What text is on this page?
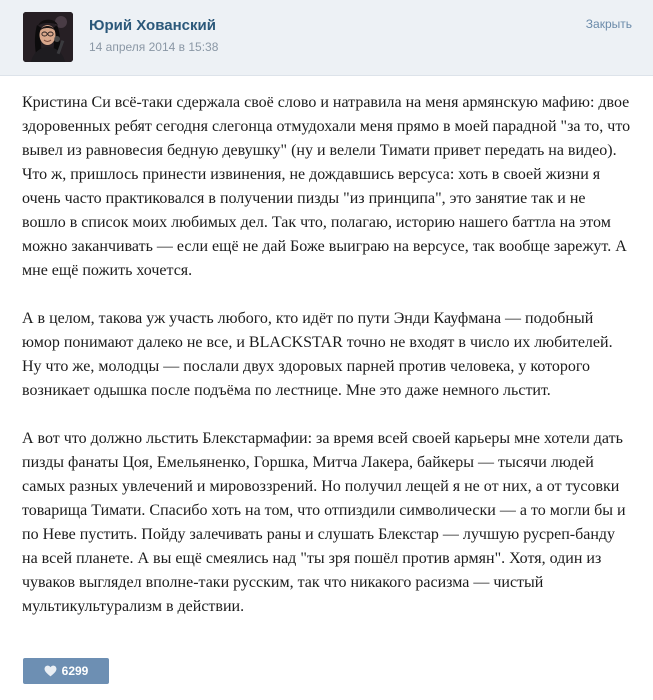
Юрий Хованский
14 апреля 2014 в 15:38
Закрыть

Кристина Си всё-таки сдержала своё слово и натравила на меня армянскую мафию: двое здоровенных ребят сегодня слегонца отмудохали меня прямо в моей парадной "за то, что вывел из равновесия бедную девушку" (ну и велели Тимати привет передать на видео). Что ж, пришлось принести извинения, не дождавшись версуса: хоть в своей жизни я очень часто практиковался в получении пизды "из принципа", это занятие так и не вошло в список моих любимых дел. Так что, полагаю, историю нашего баттла на этом можно заканчивать — если ещё не дай Боже выиграю на версусе, так вообще зарежут. А мне ещё пожить хочется.

А в целом, такова уж участь любого, кто идёт по пути Энди Кауфмана — подобный юмор понимают далеко не все, и BLACKSTAR точно не входят в число их любителей. Ну что же, молодцы — послали двух здоровых парней против человека, у которого возникает одышка после подъёма по лестнице. Мне это даже немного льстит.

А вот что должно льстить Блекстармафии: за время всей своей карьеры мне хотели дать пизды фанаты Цоя, Емельяненко, Горшка, Митча Лакера, байкеры — тысячи людей самых разных увлечений и мировоззрений. Но получил лещей я не от них, а от тусовки товарища Тимати. Спасибо хоть на том, что отпиздили символически — а то могли бы и по Неве пустить. Пойду залечивать раны и слушать Блекстар — лучшую русреп-банду на всей планете. А вы ещё смеялись над "ты зря пошёл против армян". Хотя, один из чуваков выглядел вполне-таки русским, так что никакого расизма — чистый мультикультурализм в действии.

6299
